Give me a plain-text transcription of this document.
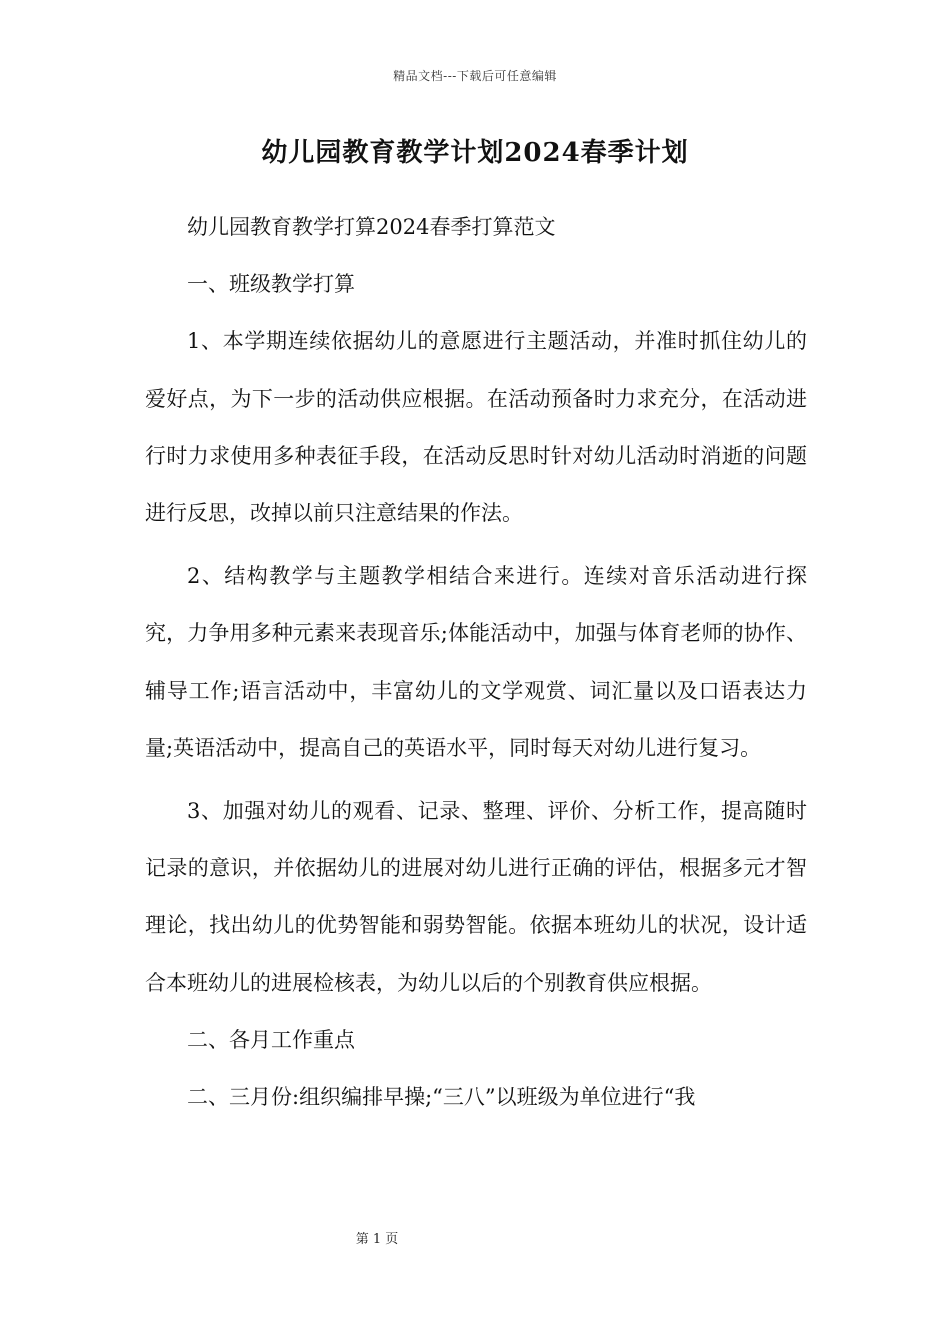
精品文档---下载后可任意编辑
幼儿园教育教学计划2024春季计划

幼儿园教育教学打算2024春季打算范文

一、班级教学打算

1、本学期连续依据幼儿的意愿进行主题活动，并准时抓住幼儿的爱好点，为下一步的活动供应根据。在活动预备时力求充分，在活动进行时力求使用多种表征手段，在活动反思时针对幼儿活动时消逝的问题进行反思，改掉以前只注意结果的作法。

2、结构教学与主题教学相结合来进行。连续对音乐活动进行探究，力争用多种元素来表现音乐;体能活动中，加强与体育老师的协作、辅导工作;语言活动中，丰富幼儿的文学观赏、词汇量以及口语表达力量;英语活动中，提高自己的英语水平，同时每天对幼儿进行复习。

3、加强对幼儿的观看、记录、整理、评价、分析工作，提高随时记录的意识，并依据幼儿的进展对幼儿进行正确的评估，根据多元才智理论，找出幼儿的优势智能和弱势智能。依据本班幼儿的状况，设计适合本班幼儿的进展检核表，为幼儿以后的个别教育供应根据。

二、各月工作重点

二、三月份:组织编排早操;“三八”以班级为单位进行“我

第 1 页
